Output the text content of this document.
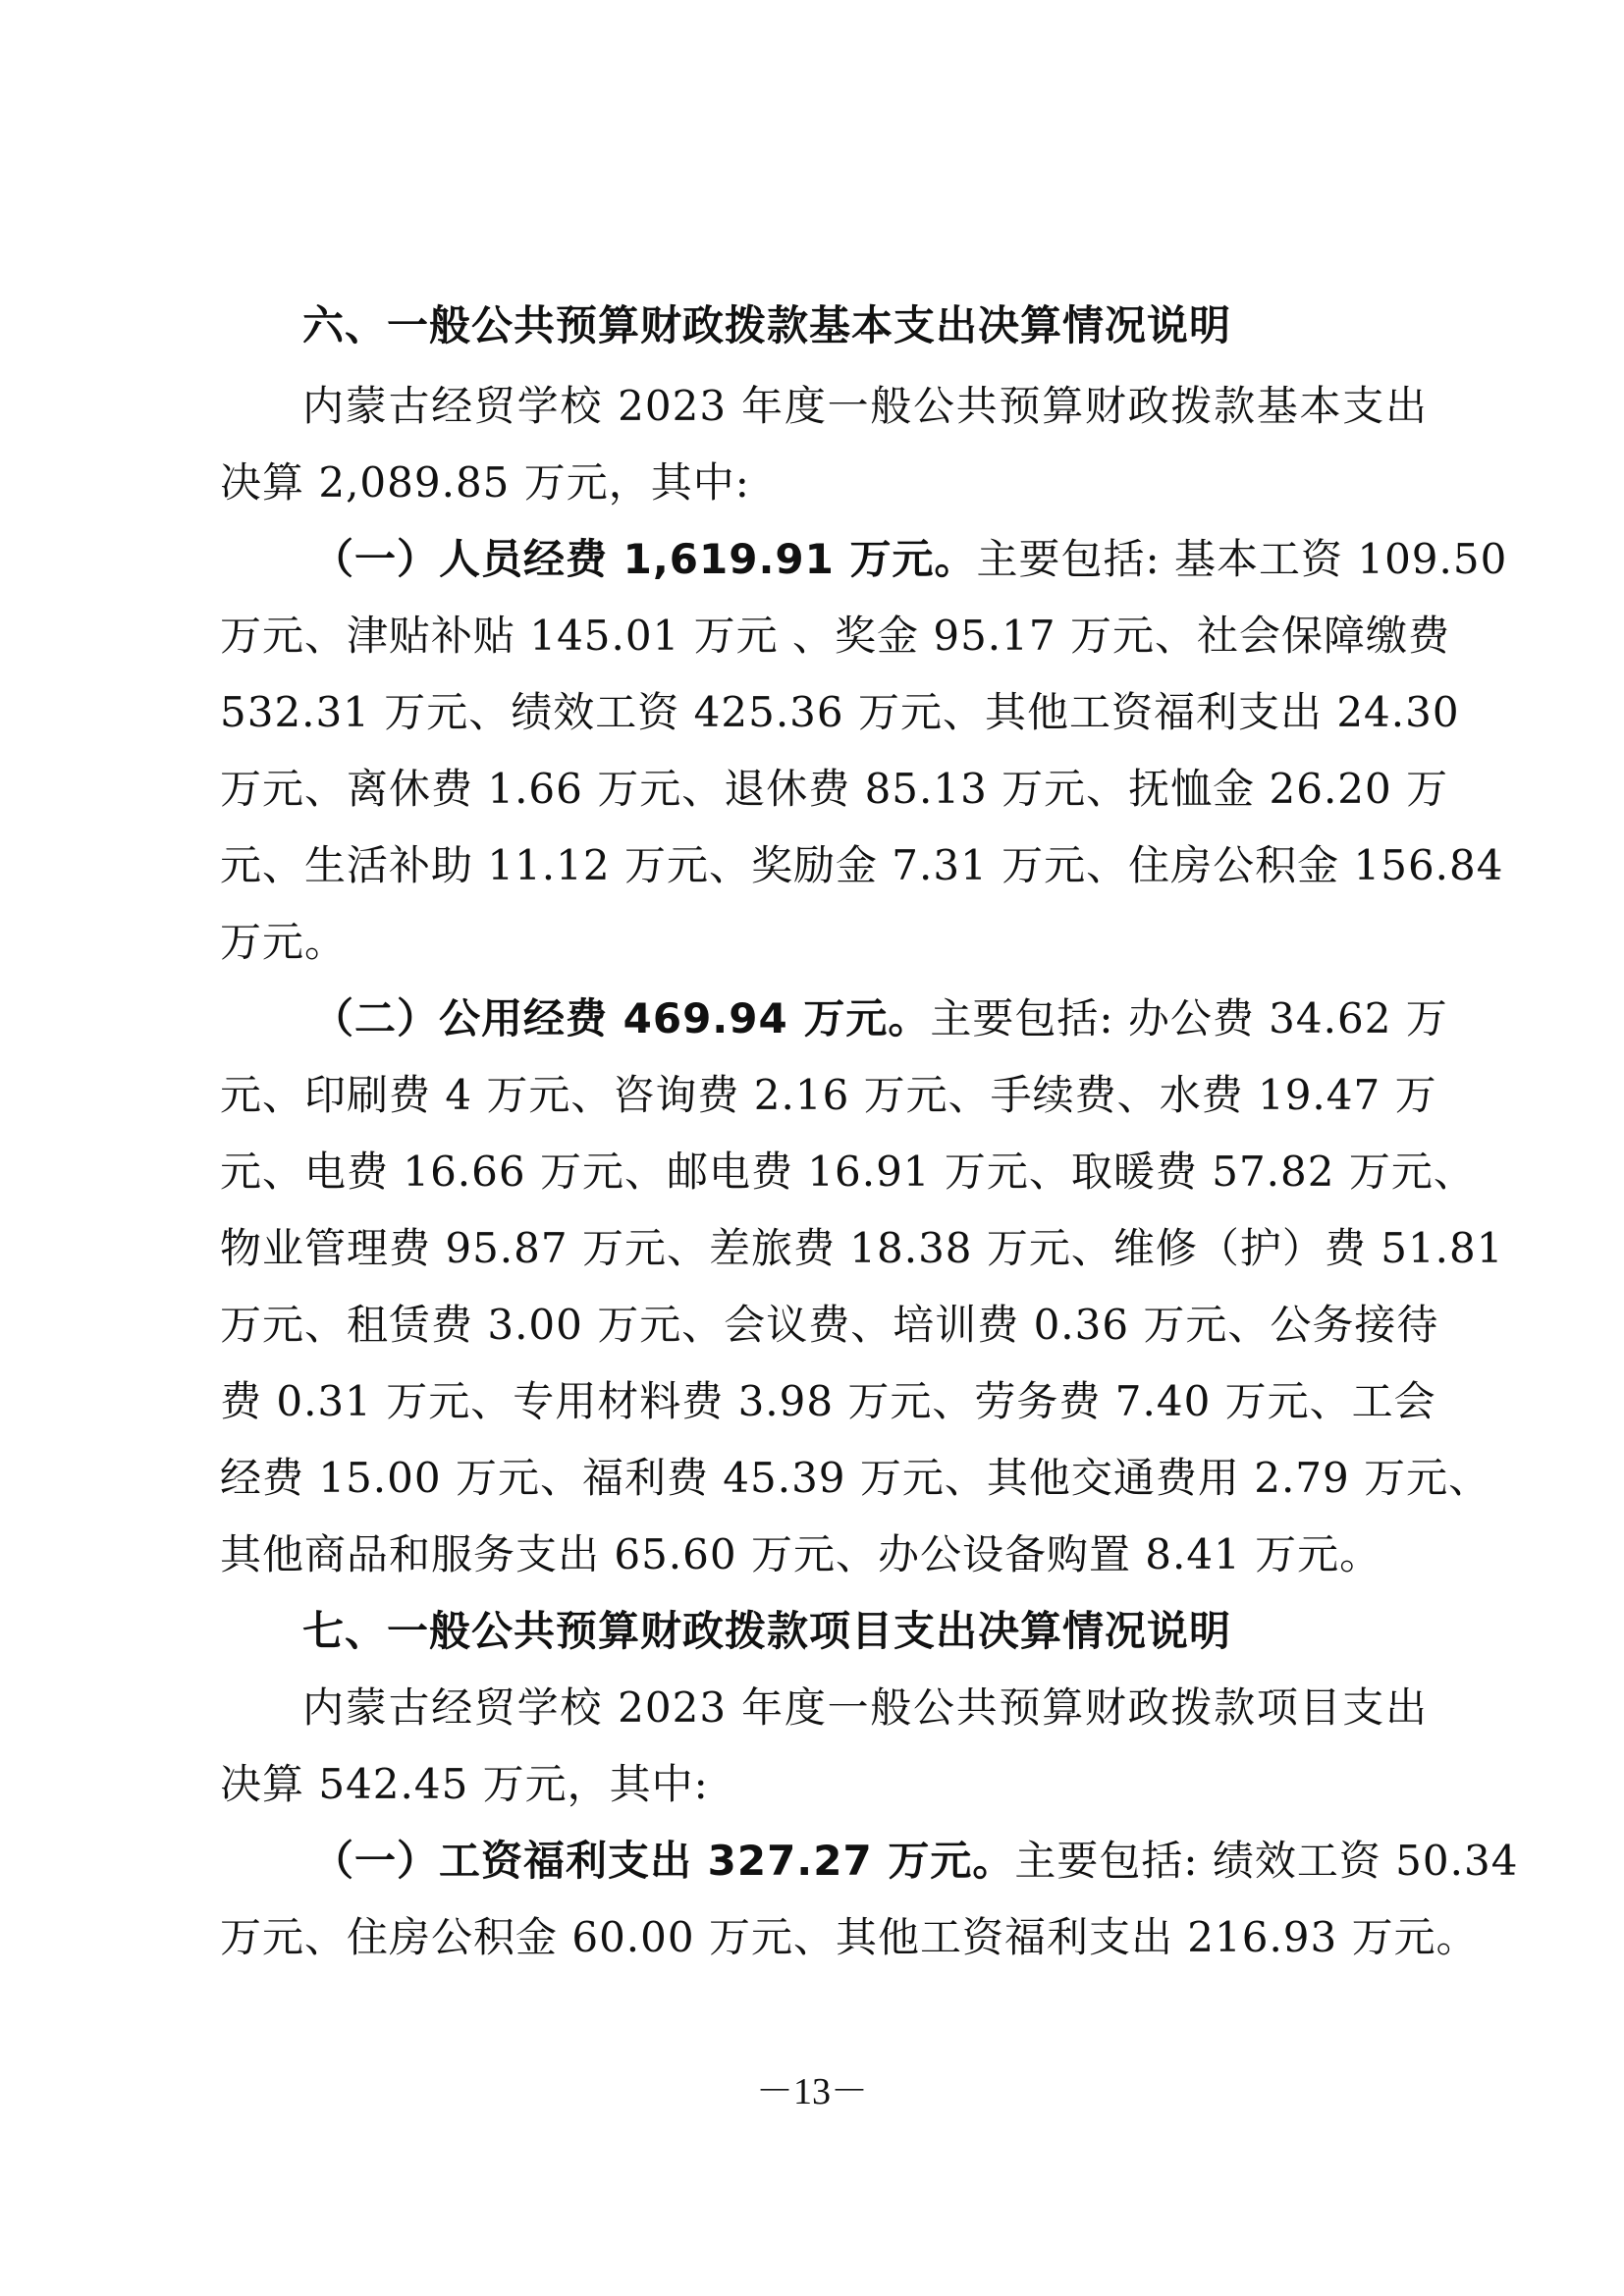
六、一般公共预算财政拨款基本支出决算情况说明
内蒙古经贸学校 2023 年度一般公共预算财政拨款基本支出
决算 2,089.85 万元，其中:
（一）人员经费 1,619.91 万元。主要包括: 基本工资 109.50
万元、津贴补贴 145.01 万元 、奖金 95.17 万元、社会保障缴费
532.31 万元、绩效工资 425.36 万元、其他工资福利支出 24.30
万元、离休费 1.66 万元、退休费 85.13 万元、抚恤金 26.20 万
元、生活补助 11.12 万元、奖励金 7.31 万元、住房公积金 156.84
万元。
（二）公用经费 469.94 万元。主要包括: 办公费 34.62 万
元、印刷费 4 万元、咨询费 2.16 万元、手续费、水费 19.47 万
元、电费 16.66 万元、邮电费 16.91 万元、取暖费 57.82 万元、
物业管理费 95.87 万元、差旅费 18.38 万元、维修（护）费 51.81
万元、租赁费 3.00 万元、会议费、培训费 0.36 万元、公务接待
费 0.31 万元、专用材料费 3.98 万元、劳务费 7.40 万元、工会
经费 15.00 万元、福利费 45.39 万元、其他交通费用 2.79 万元、
其他商品和服务支出 65.60 万元、办公设备购置 8.41 万元。
七、一般公共预算财政拨款项目支出决算情况说明
内蒙古经贸学校 2023 年度一般公共预算财政拨款项目支出
决算 542.45 万元，其中:
（一）工资福利支出 327.27 万元。主要包括: 绩效工资 50.34
万元、住房公积金 60.00 万元、其他工资福利支出 216.93 万元。
－13－
